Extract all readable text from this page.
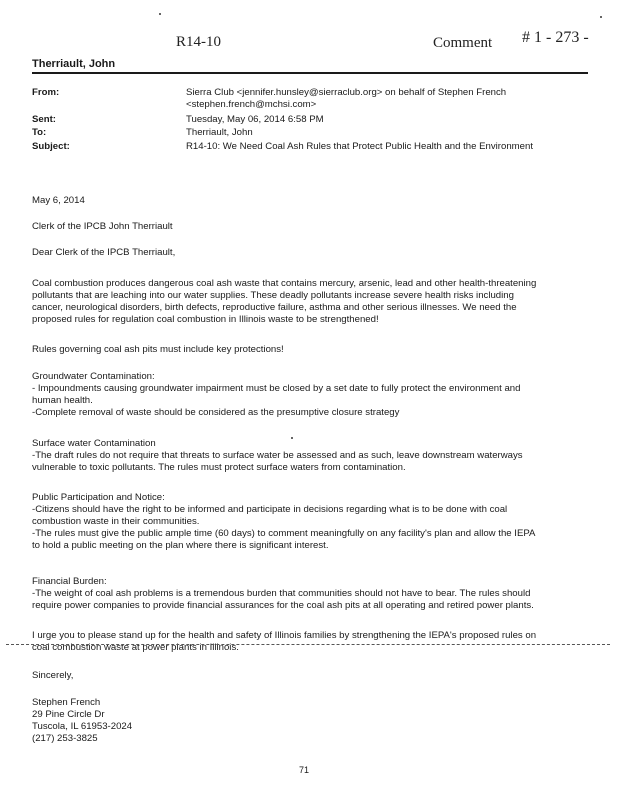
R14-10	Comment # 1 - 273 -
Therriault, John
From:	Sierra Club <jennifer.hunsley@sierraclub.org> on behalf of Stephen French
<stephen.french@mchsi.com>
Sent:	Tuesday, May 06, 2014 6:58 PM
To:	Therriault, John
Subject:	R14-10: We Need Coal Ash Rules that Protect Public Health and the Environment
May 6, 2014
Clerk of the IPCB John Therriault
Dear Clerk of the IPCB Therriault,
Coal combustion produces dangerous coal ash waste that contains mercury, arsenic, lead and other health-threatening
pollutants that are leaching into our water supplies. These deadly pollutants increase severe health risks including
cancer, neurological disorders, birth defects, reproductive failure, asthma and other serious illnesses. We need the
proposed rules for regulation coal combustion in Illinois waste to be strengthened!
Rules governing coal ash pits must include key protections!
Groundwater Contamination:
- Impoundments causing groundwater impairment must be closed by a set date to fully protect the environment and
human health.
-Complete removal of waste should be considered as the presumptive closure strategy
Surface water Contamination
-The draft rules do not require that threats to surface water be assessed and as such, leave downstream waterways
vulnerable to toxic pollutants. The rules must protect surface waters from contamination.
Public Participation and Notice:
-Citizens should have the right to be informed and participate in decisions regarding what is to be done with coal
combustion waste in their communities.
-The rules must give the public ample time (60 days) to comment meaningfully on any facility's plan and allow the IEPA
to hold a public meeting on the plan where there is significant interest.
Financial Burden:
-The weight of coal ash problems is a tremendous burden that communities should not have to bear. The rules should
require power companies to provide financial assurances for the coal ash pits at all operating and retired power plants.
I urge you to please stand up for the health and safety of Illinois families by strengthening the IEPA's proposed rules on
coal combustion waste at power plants in Illinois.
Sincerely,
Stephen French
29 Pine Circle Dr
Tuscola, IL 61953-2024
(217) 253-3825
71
